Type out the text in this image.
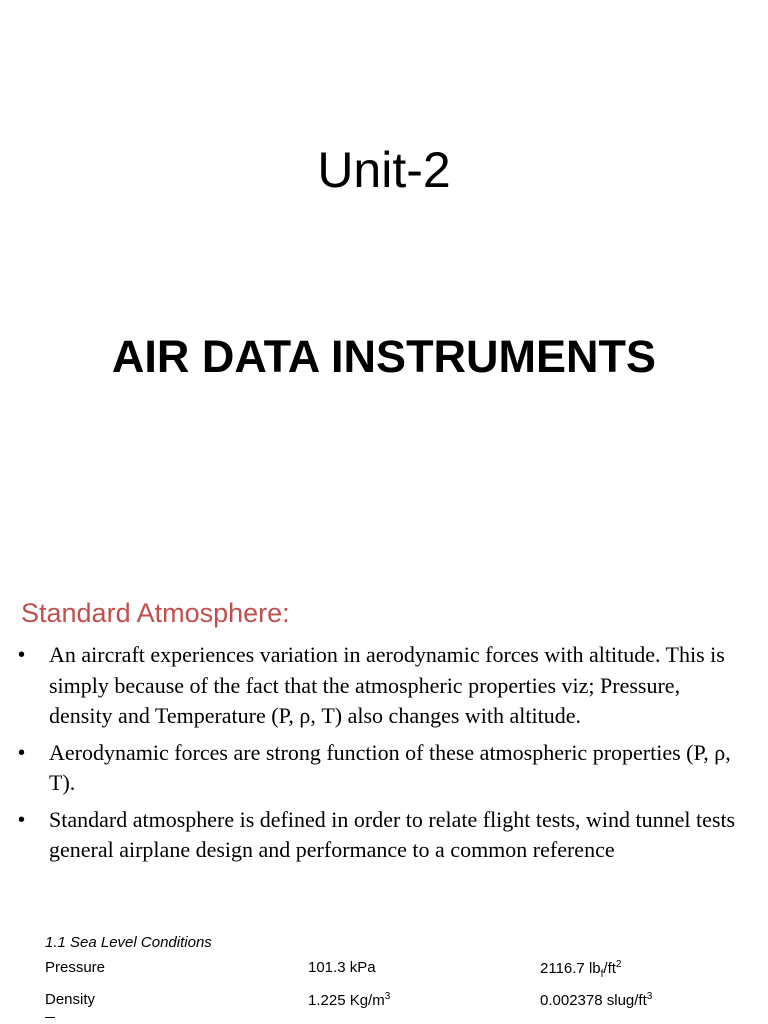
Unit-2
AIR DATA INSTRUMENTS
Standard Atmosphere:
• An aircraft experiences variation in aerodynamic forces with altitude. This is simply because of the fact that the atmospheric properties viz; Pressure, density and Temperature (P, ρ, T) also changes with altitude.
• Aerodynamic forces are strong function of these atmospheric properties (P, ρ, T).
• Standard atmosphere is defined in order to relate flight tests, wind tunnel tests general airplane design and performance to a common reference
1.1 Sea Level Conditions
Pressure	101.3 kPa	2116.7 $lb_f/ft^2$
Density	1.225 $Kg/m^3$	0.002378 slug/$ft^3$
